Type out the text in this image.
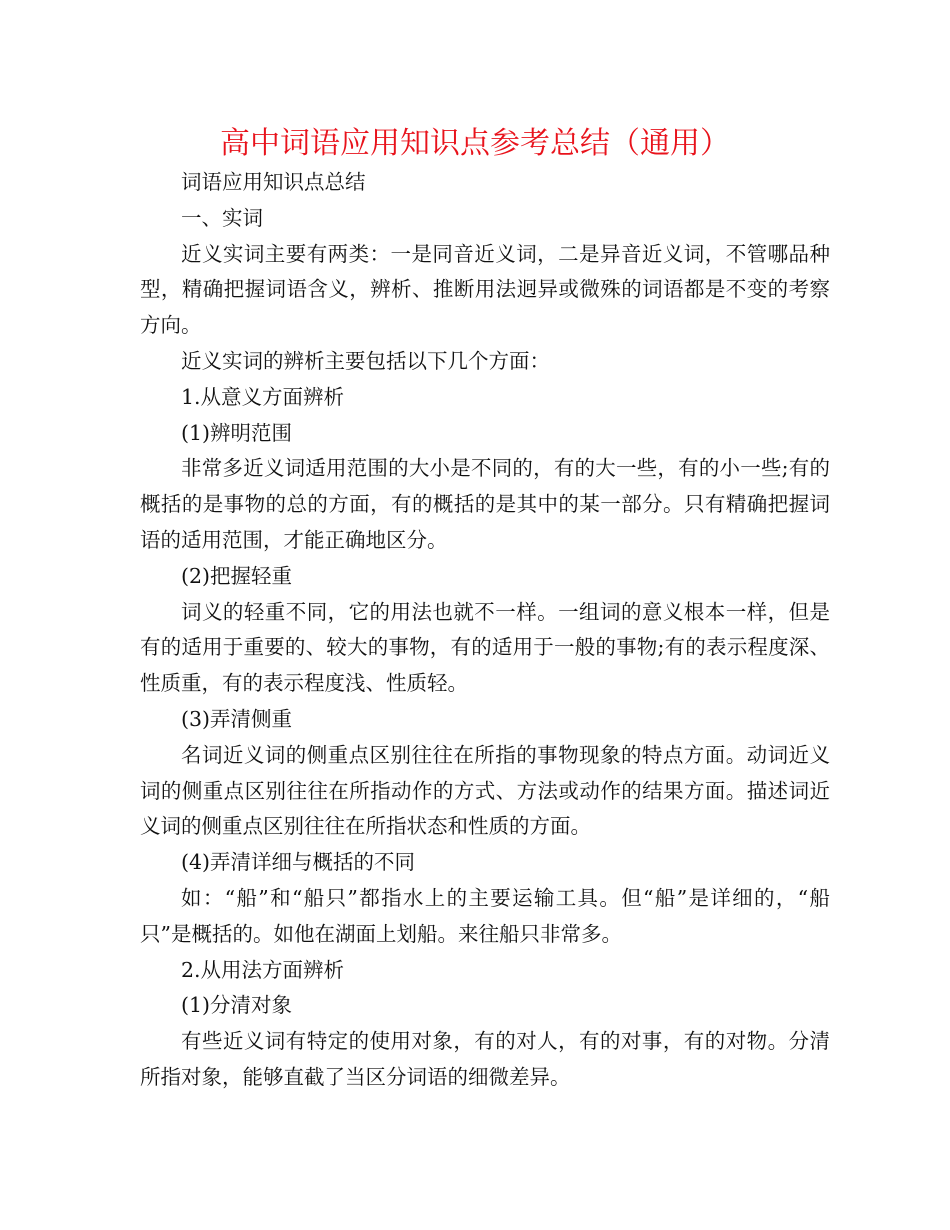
高中词语应用知识点参考总结（通用）

词语应用知识点总结

一、实词

近义实词主要有两类：一是同音近义词，二是异音近义词，不管哪品种型，精确把握词语含义，辨析、推断用法迥异或微殊的词语都是不变的考察方向。

近义实词的辨析主要包括以下几个方面：

1.从意义方面辨析

(1)辨明范围

非常多近义词适用范围的大小是不同的，有的大一些，有的小一些;有的概括的是事物的总的方面，有的概括的是其中的某一部分。只有精确把握词语的适用范围，才能正确地区分。

(2)把握轻重

词义的轻重不同，它的用法也就不一样。一组词的意义根本一样，但是有的适用于重要的、较大的事物，有的适用于一般的事物;有的表示程度深、性质重，有的表示程度浅、性质轻。

(3)弄清侧重

名词近义词的侧重点区别往往在所指的事物现象的特点方面。动词近义词的侧重点区别往往在所指动作的方式、方法或动作的结果方面。描述词近义词的侧重点区别往往在所指状态和性质的方面。

(4)弄清详细与概括的不同

如：“船”和“船只”都指水上的主要运输工具。但“船”是详细的，“船只”是概括的。如他在湖面上划船。来往船只非常多。

2.从用法方面辨析

(1)分清对象

有些近义词有特定的使用对象，有的对人，有的对事，有的对物。分清所指对象，能够直截了当区分词语的细微差异。
